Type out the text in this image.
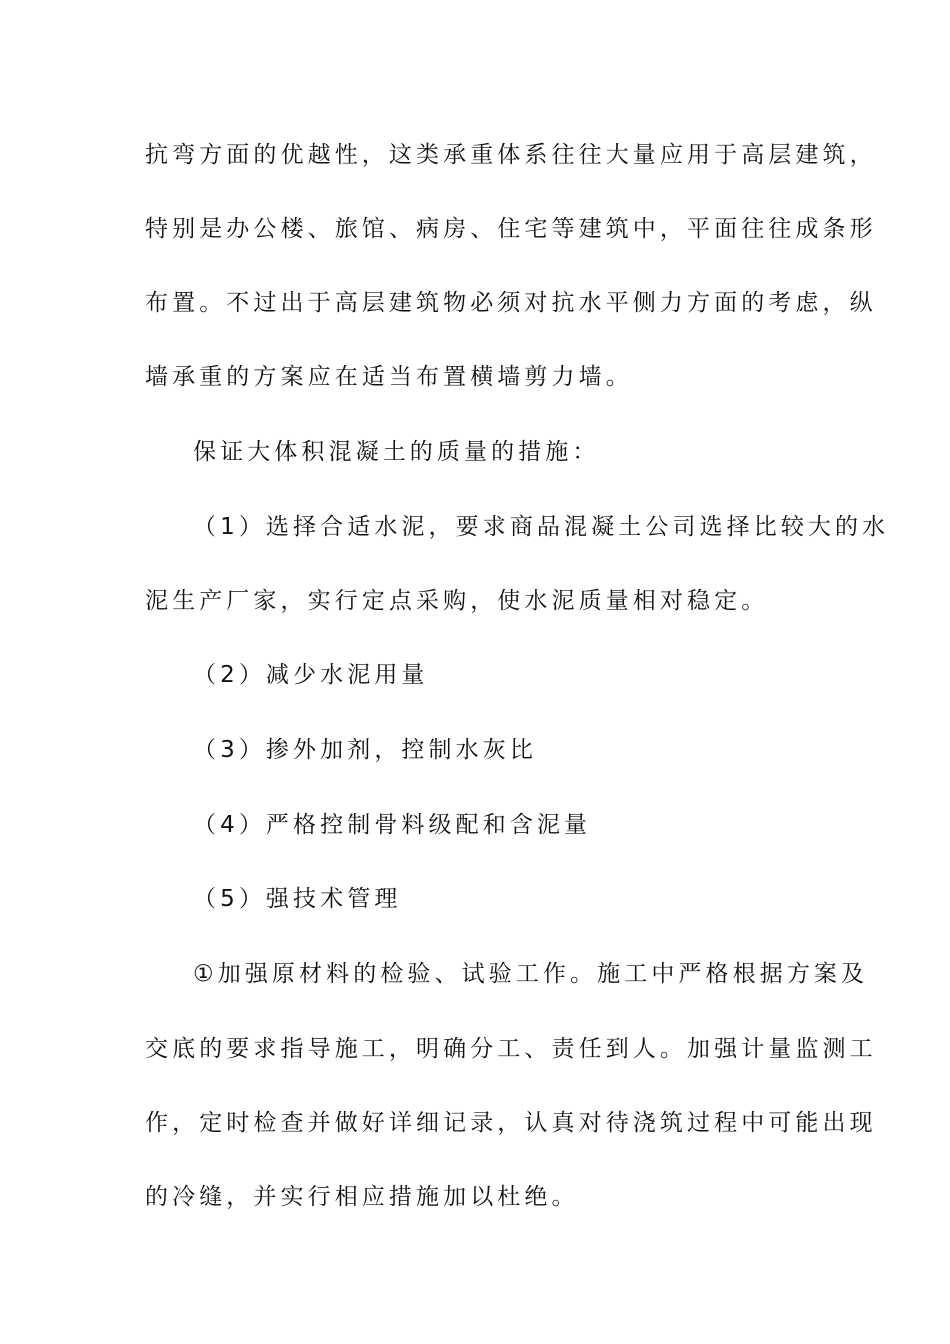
抗弯方面的优越性，这类承重体系往往大量应用于高层建筑，
特别是办公楼、旅馆、病房、住宅等建筑中，平面往往成条形
布置。不过出于高层建筑物必须对抗水平侧力方面的考虑，纵
墙承重的方案应在适当布置横墙剪力墙。
保证大体积混凝土的质量的措施：
（1）选择合适水泥，要求商品混凝土公司选择比较大的水
泥生产厂家，实行定点采购，使水泥质量相对稳定。
（2）减少水泥用量
（3）掺外加剂，控制水灰比
（4）严格控制骨料级配和含泥量
（5）强技术管理
①加强原材料的检验、试验工作。施工中严格根据方案及
交底的要求指导施工，明确分工、责任到人。加强计量监测工
作，定时检查并做好详细记录，认真对待浇筑过程中可能出现
的冷缝，并实行相应措施加以杜绝。
